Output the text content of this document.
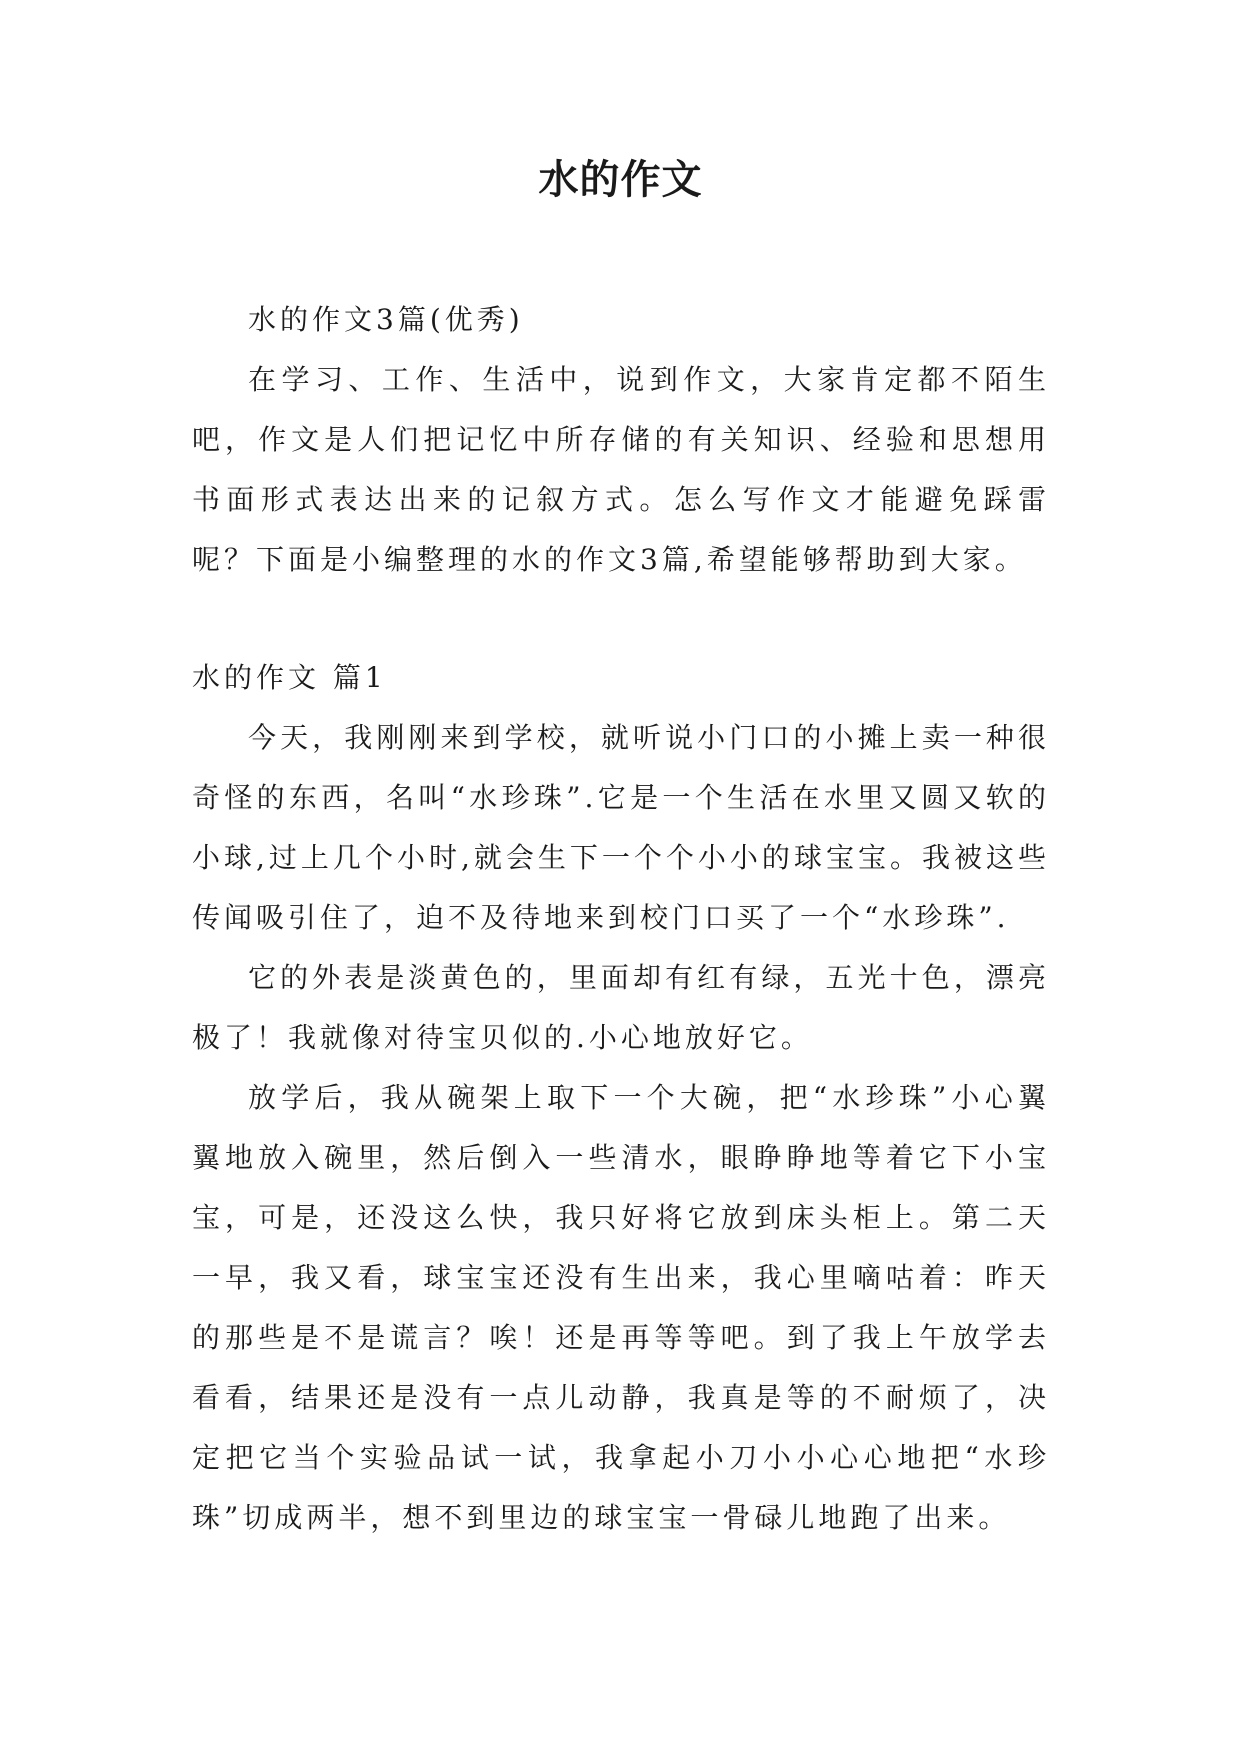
水的作文

水的作文3篇(优秀)

在学习、工作、生活中，说到作文，大家肯定都不陌生吧，作文是人们把记忆中所存储的有关知识、经验和思想用书面形式表达出来的记叙方式。怎么写作文才能避免踩雷呢？下面是小编整理的水的作文3篇,希望能够帮助到大家。

水的作文 篇1

今天，我刚刚来到学校，就听说小门口的小摊上卖一种很奇怪的东西，名叫“水珍珠”.它是一个生活在水里又圆又软的小球,过上几个小时,就会生下一个个小小的球宝宝。我被这些传闻吸引住了，迫不及待地来到校门口买了一个“水珍珠”.

它的外表是淡黄色的，里面却有红有绿，五光十色，漂亮极了！我就像对待宝贝似的.小心地放好它。

放学后，我从碗架上取下一个大碗，把“水珍珠”小心翼翼地放入碗里，然后倒入一些清水，眼睁睁地等着它下小宝宝，可是，还没这么快，我只好将它放到床头柜上。第二天一早，我又看，球宝宝还没有生出来，我心里嘀咕着：昨天的那些是不是谎言？唉！还是再等等吧。到了我上午放学去看看，结果还是没有一点儿动静，我真是等的不耐烦了，决定把它当个实验品试一试，我拿起小刀小小心心地把“水珍珠”切成两半，想不到里边的球宝宝一骨碌儿地跑了出来。
